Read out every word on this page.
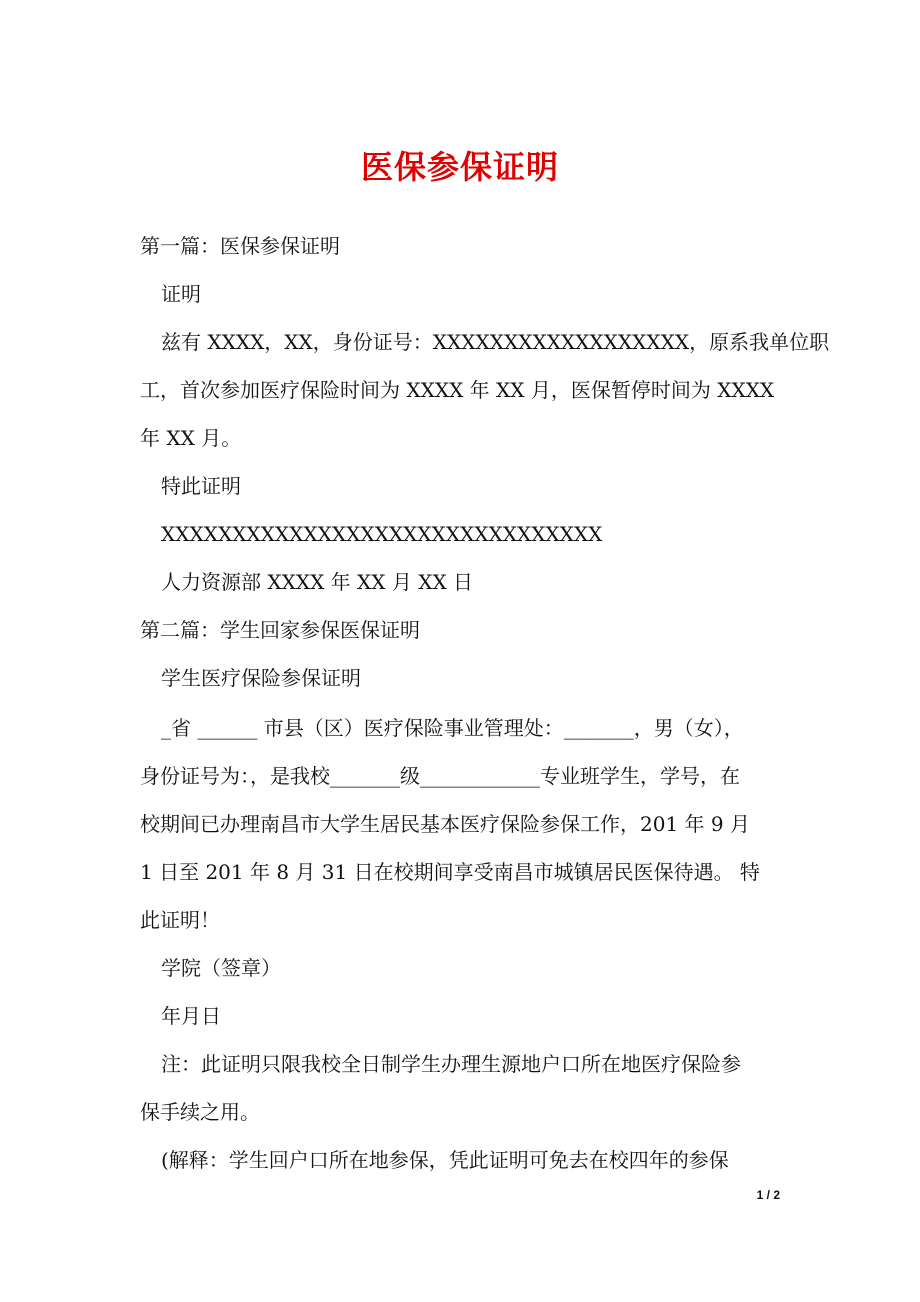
医保参保证明
第一篇：医保参保证明
证明
兹有 XXXX，XX，身份证号：XXXXXXXXXXXXXXXXXX，原系我单位职
工，首次参加医疗保险时间为 XXXX 年 XX 月，医保暂停时间为 XXXX
年 XX 月。
特此证明
XXXXXXXXXXXXXXXXXXXXXXXXXXXXXXX
人力资源部 XXXX 年 XX 月 XX 日
第二篇：学生回家参保医保证明
学生医疗保险参保证明
_省 ______ 市县（区）医疗保险事业管理处：_______，男（女），
身份证号为：，是我校_______级____________专业班学生，学号，在
校期间已办理南昌市大学生居民基本医疗保险参保工作，201 年 9 月
1 日至 201 年 8 月 31 日在校期间享受南昌市城镇居民医保待遇。 特
此证明！
学院（签章）
年月日
注：此证明只限我校全日制学生办理生源地户口所在地医疗保险参
保手续之用。
(解释：学生回户口所在地参保，凭此证明可免去在校四年的参保
1 / 2
